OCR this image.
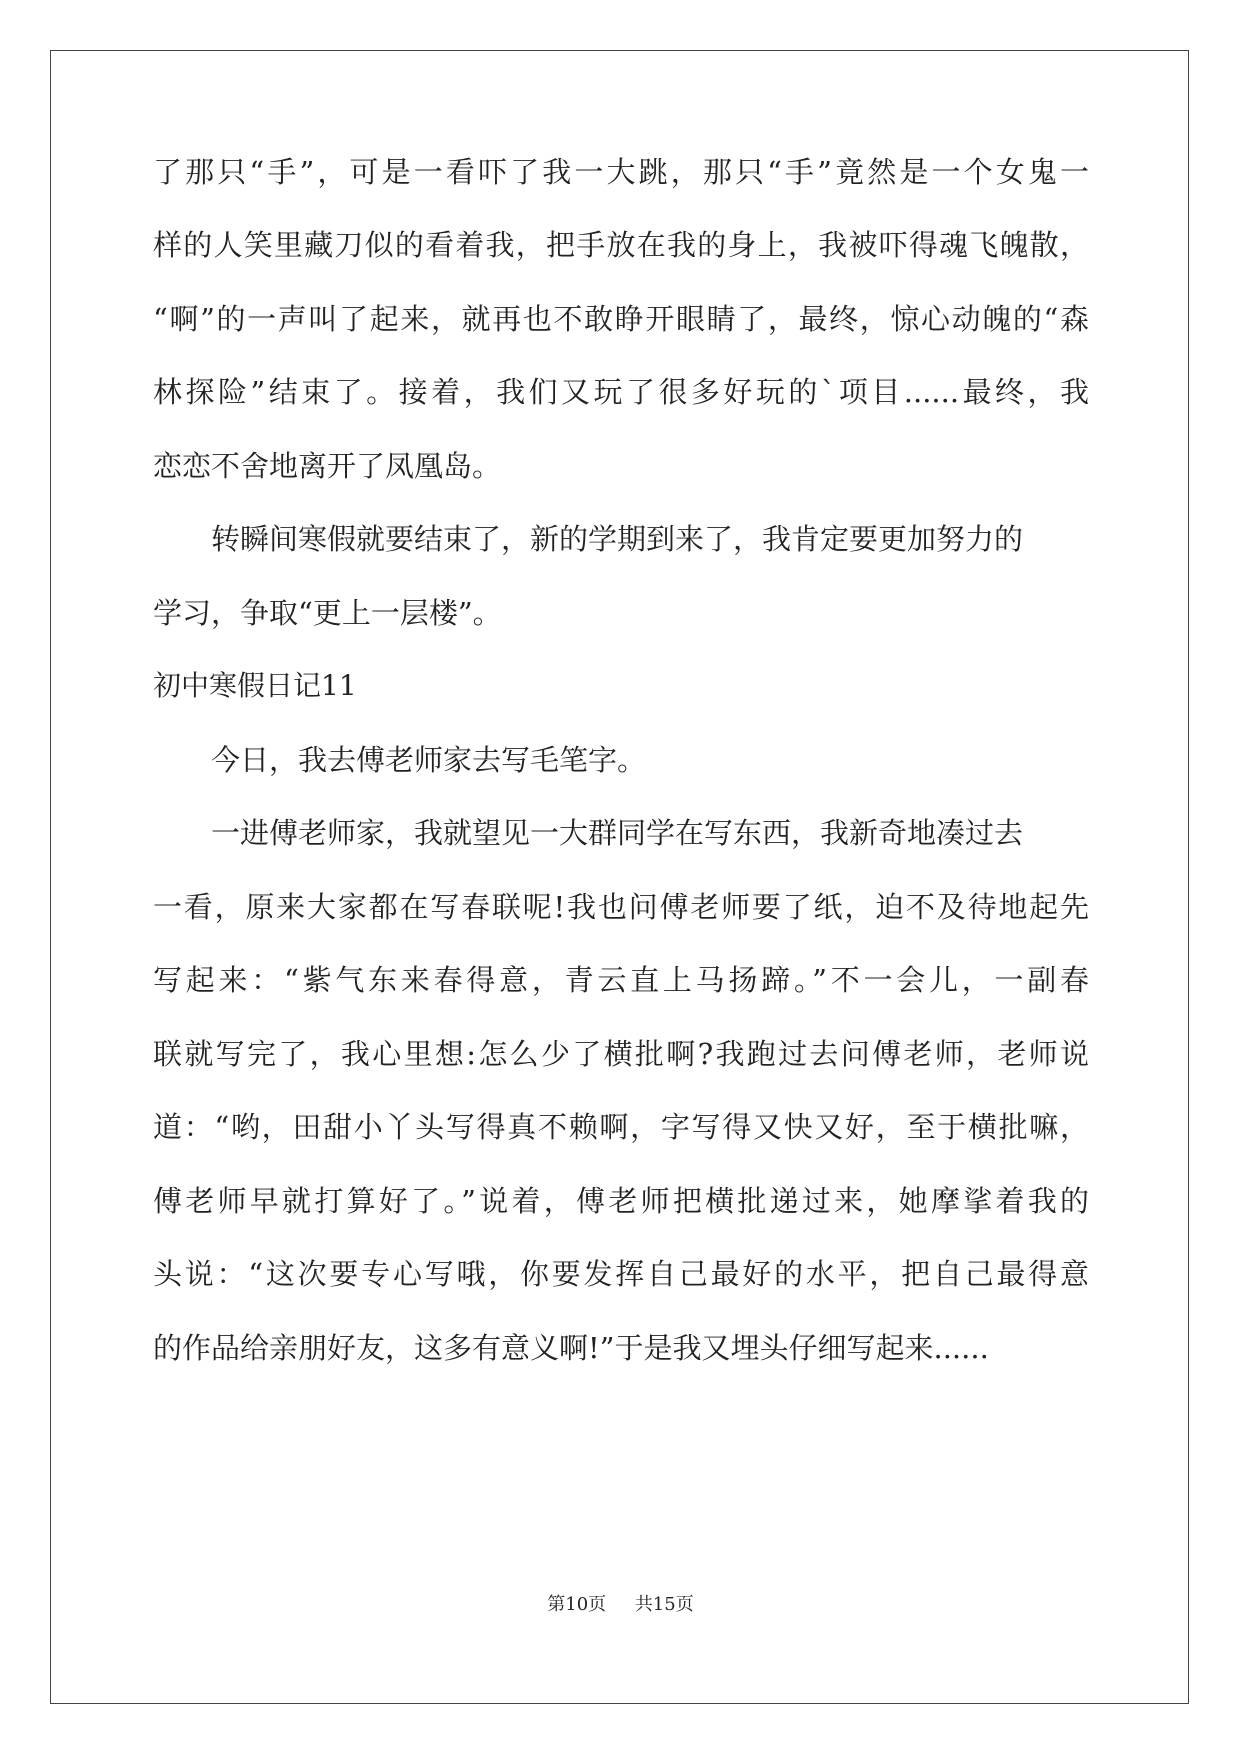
了那只“手”，可是一看吓了我一大跳，那只“手”竟然是一个女鬼一

样的人笑里藏刀似的看着我，把手放在我的身上，我被吓得魂飞魄散，

“啊”的一声叫了起来，就再也不敢睁开眼睛了，最终，惊心动魄的“森

林探险”结束了。接着，我们又玩了很多好玩的`项目......最终，我

恋恋不舍地离开了凤凰岛。

转瞬间寒假就要结束了，新的学期到来了，我肯定要更加努力的

学习，争取“更上一层楼”。

初中寒假日记11

今日，我去傅老师家去写毛笔字。

一进傅老师家，我就望见一大群同学在写东西，我新奇地凑过去

一看，原来大家都在写春联呢!我也问傅老师要了纸，迫不及待地起先

写起来：“紫气东来春得意，青云直上马扬蹄。”不一会儿，一副春

联就写完了，我心里想:怎么少了横批啊?我跑过去问傅老师，老师说

道：“哟，田甜小丫头写得真不赖啊，字写得又快又好，至于横批嘛，

傅老师早就打算好了。”说着，傅老师把横批递过来，她摩挲着我的

头说：“这次要专心写哦，你要发挥自己最好的水平，把自己最得意

的作品给亲朋好友，这多有意义啊!”于是我又埋头仔细写起来......

第10页 共15页
